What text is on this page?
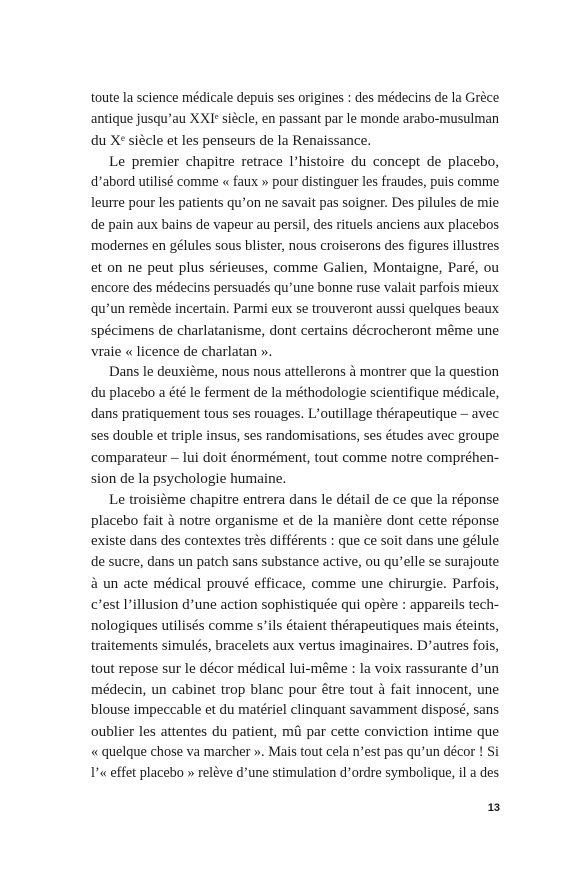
toute la science médicale depuis ses origines : des médecins de la Grèce
antique jusqu’au XXIᵉ siècle, en passant par le monde arabo-musulman
du Xᵉ siècle et les penseurs de la Renaissance.
Le premier chapitre retrace l’histoire du concept de placebo,
d’abord utilisé comme « faux » pour distinguer les fraudes, puis comme
leurre pour les patients qu’on ne savait pas soigner. Des pilules de mie
de pain aux bains de vapeur au persil, des rituels anciens aux placebos
modernes en gélules sous blister, nous croiserons des figures illustres
et on ne peut plus sérieuses, comme Galien, Montaigne, Paré, ou
encore des médecins persuadés qu’une bonne ruse valait parfois mieux
qu’un remède incertain. Parmi eux se trouveront aussi quelques beaux
spécimens de charlatanisme, dont certains décrocheront même une
vraie « licence de charlatan ».
Dans le deuxième, nous nous attellerons à montrer que la question
du placebo a été le ferment de la méthodologie scientifique médicale,
dans pratiquement tous ses rouages. L’outillage thérapeutique – avec
ses double et triple insus, ses randomisations, ses études avec groupe
comparateur – lui doit énormément, tout comme notre compréhen-
sion de la psychologie humaine.
Le troisième chapitre entrera dans le détail de ce que la réponse
placebo fait à notre organisme et de la manière dont cette réponse
existe dans des contextes très différents : que ce soit dans une gélule
de sucre, dans un patch sans substance active, ou qu’elle se surajoute
à un acte médical prouvé efficace, comme une chirurgie. Parfois,
c’est l’illusion d’une action sophistiquée qui opère : appareils tech-
nologiques utilisés comme s’ils étaient thérapeutiques mais éteints,
traitements simulés, bracelets aux vertus imaginaires. D’autres fois,
tout repose sur le décor médical lui-même : la voix rassurante d’un
médecin, un cabinet trop blanc pour être tout à fait innocent, une
blouse impeccable et du matériel clinquant savamment disposé, sans
oublier les attentes du patient, mû par cette conviction intime que
« quelque chose va marcher ». Mais tout cela n’est pas qu’un décor ! Si
l’« effet placebo » relève d’une stimulation d’ordre symbolique, il a des
13
